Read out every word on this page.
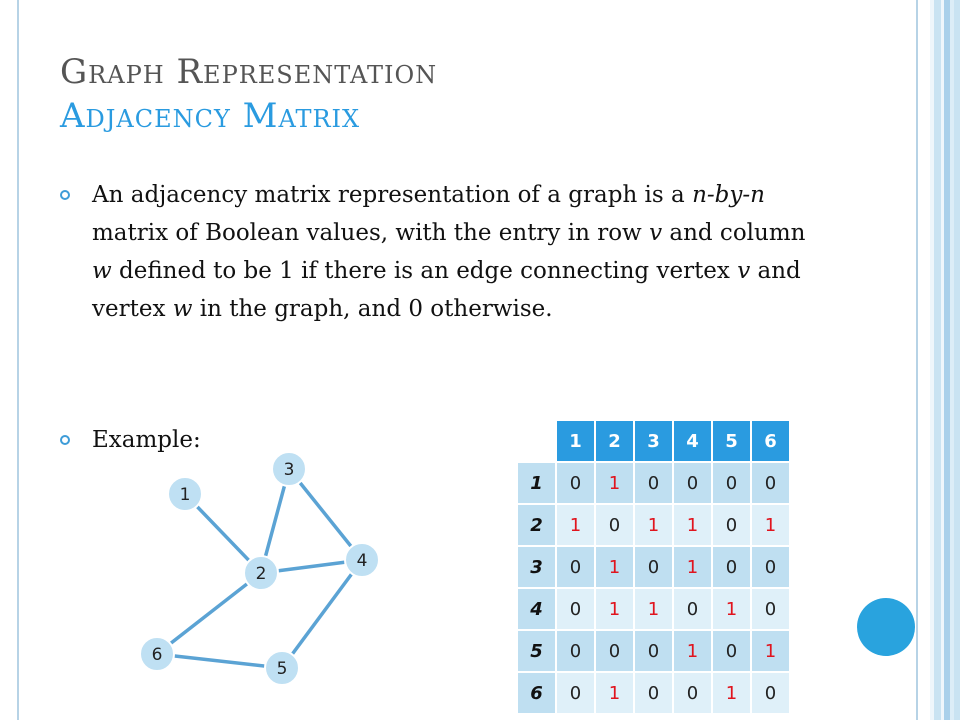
Graph Representation
Adjacency Matrix
An adjacency matrix representation of a graph is a n-by-n matrix of Boolean values, with the entry in row v and column w defined to be 1 if there is an edge connecting vertex v and vertex w in the graph, and 0 otherwise.
Example:
1
2
3
4
5
6
	1	2	3	4	5	6
1	0	1	0	0	0	0
2	1	0	1	1	0	1
3	0	1	0	1	0	0
4	0	1	1	0	1	0
5	0	0	0	1	0	1
6	0	1	0	0	1	0
